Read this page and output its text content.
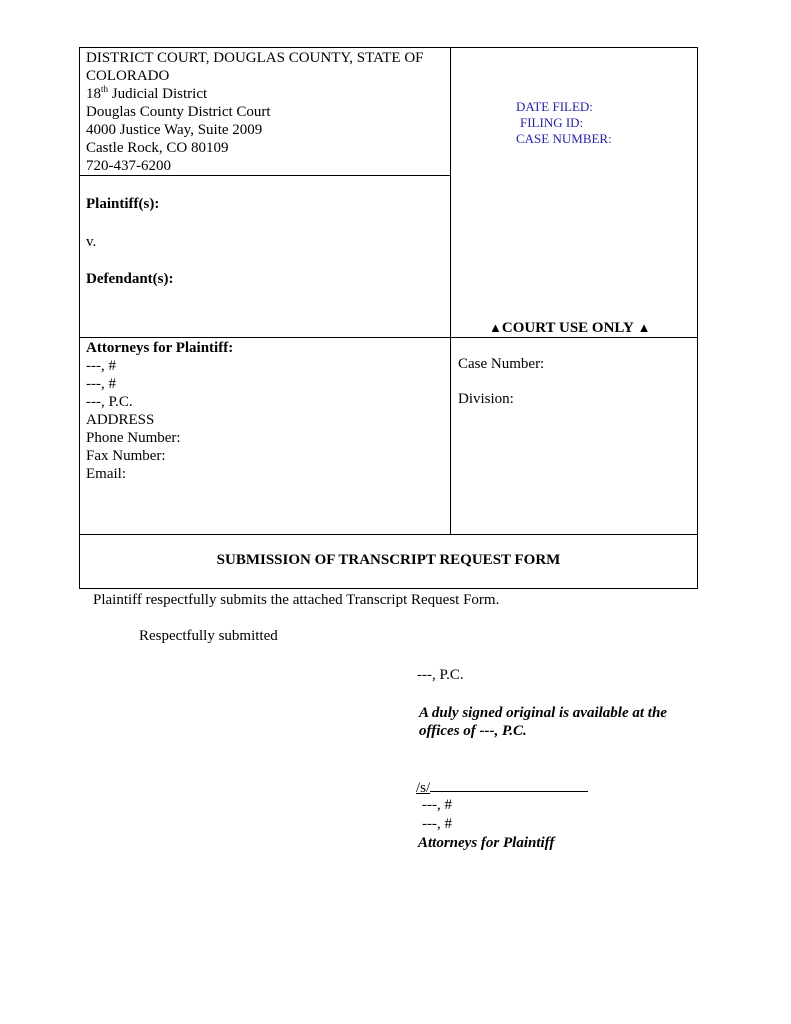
DISTRICT COURT, DOUGLAS COUNTY, STATE OF
COLORADO
18th Judicial District
Douglas County District Court
4000 Justice Way, Suite 2009
Castle Rock, CO 80109
720-437-6200
DATE FILED:
FILING ID:
CASE NUMBER:
Plaintiff(s):
v.
Defendant(s):
▲COURT USE ONLY ▲
Attorneys for Plaintiff:
---, #
---, #
---, P.C.
ADDRESS
Phone Number:
Fax Number:
Email:
Case Number:
Division:
SUBMISSION OF TRANSCRIPT REQUEST FORM
Plaintiff respectfully submits the attached Transcript Request Form.
Respectfully submitted
---, P.C.
A duly signed original is available at the
offices of ---, P.C.
/s/
---, #
---, #
Attorneys for Plaintiff
